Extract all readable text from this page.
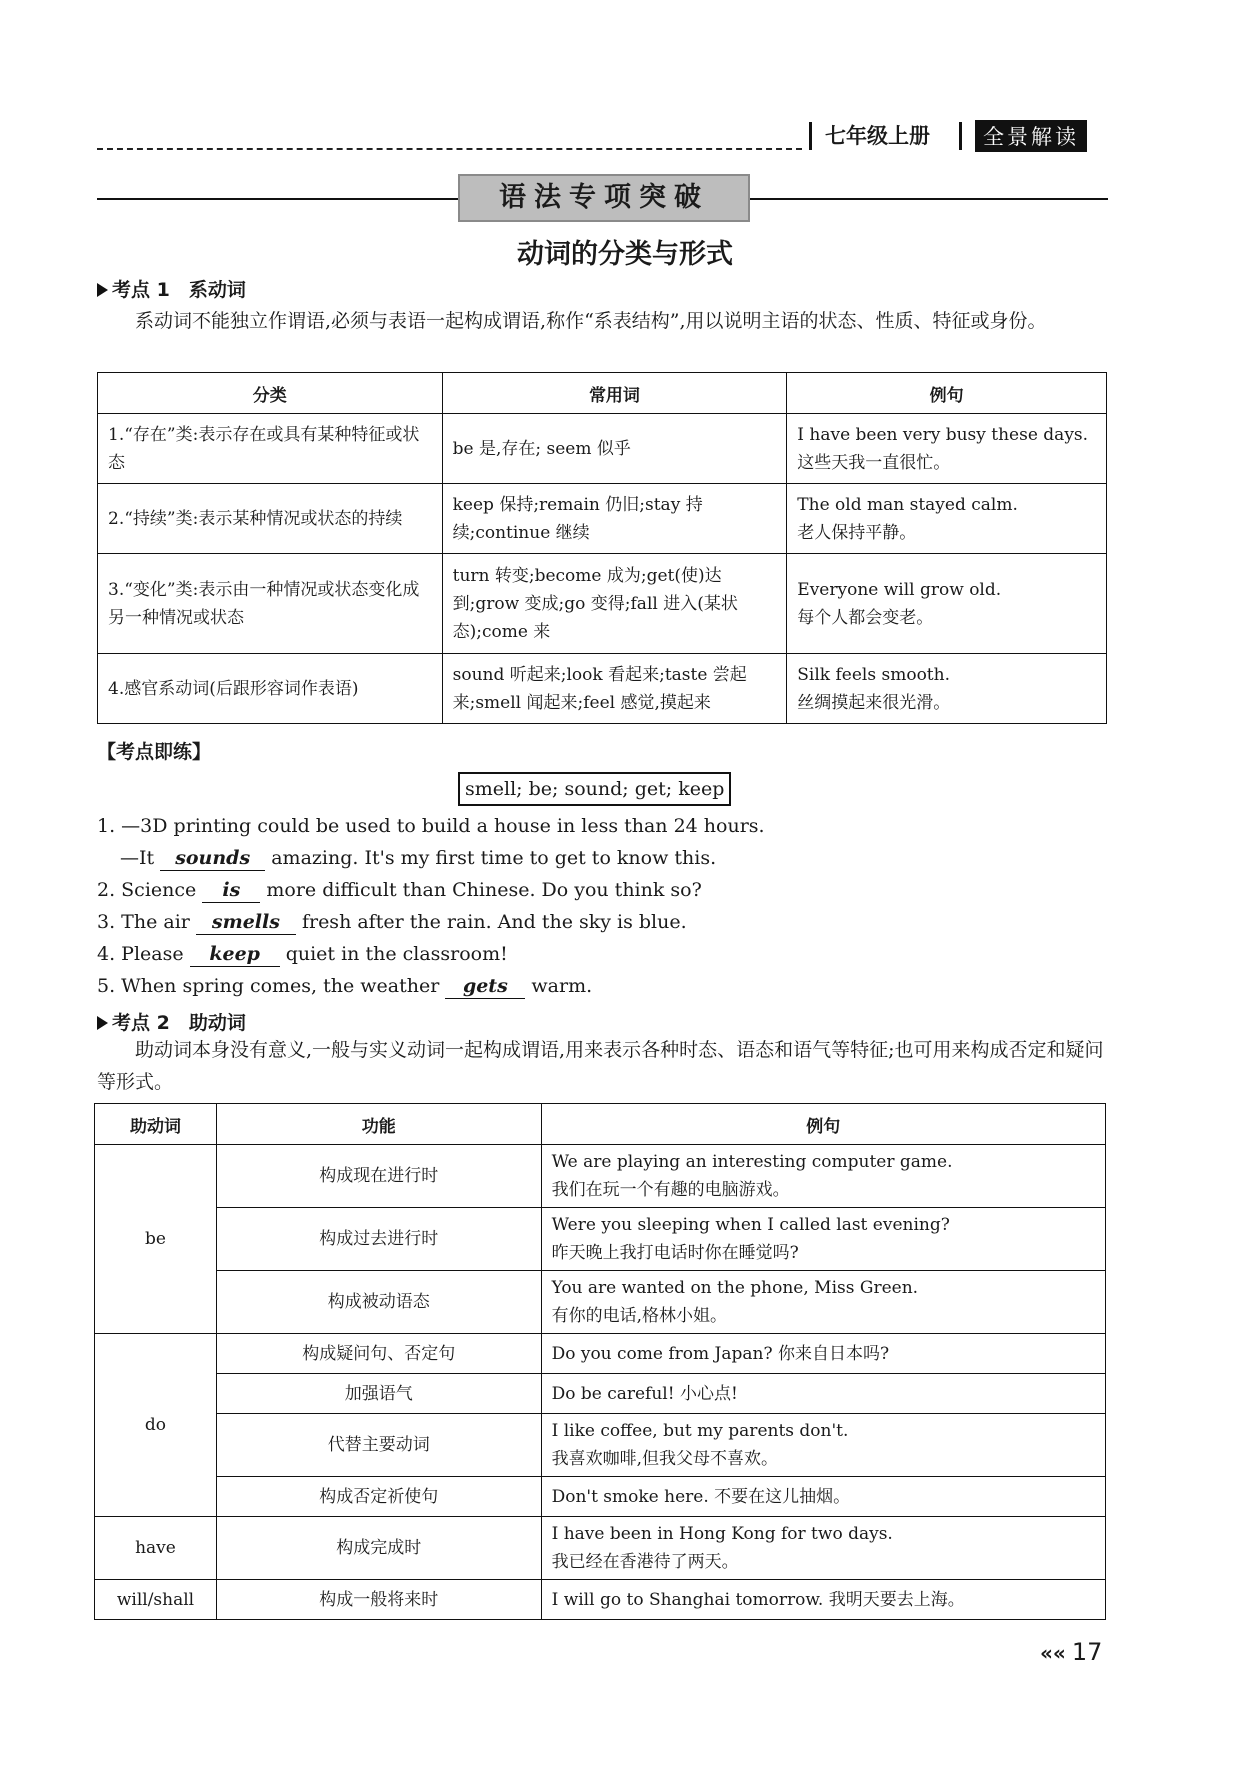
七年级上册	全景解读
语法专项突破
动词的分类与形式
考点 1　系动词
系动词不能独立作谓语,必须与表语一起构成谓语,称作“系表结构”,用以说明主语的状态、性质、特征或身份。
分类	常用词	例句
1.“存在”类:表示存在或具有某种特征或状态	be 是,存在; seem 似乎	I have been very busy these days.
这些天我一直很忙。

2.“持续”类:表示某种情况或状态的持续	keep 保持;remain 仍旧;stay 持续;continue 继续	The old man stayed calm.
老人保持平静。

3.“变化”类:表示由一种情况或状态变化成另一种情况或状态	turn 转变;become 成为;get(使)达到;grow 变成;go 变得;fall 进入(某状态);come 来	Everyone will grow old.
每个人都会变老。

4.感官系动词(后跟形容词作表语)	sound 听起来;look 看起来;taste 尝起来;smell 闻起来;feel 感觉,摸起来	Silk feels smooth.
丝绸摸起来很光滑。
【考点即练】
smell; be; sound; get; keep
1. —3D printing could be used to build a house in less than 24 hours.
—It sounds amazing. It's my first time to get to know this.
2. Science is more difficult than Chinese. Do you think so?
3. The air smells fresh after the rain. And the sky is blue.
4. Please keep quiet in the classroom!
5. When spring comes, the weather gets warm.
考点 2　助动词
助动词本身没有意义,一般与实义动词一起构成谓语,用来表示各种时态、语态和语气等特征;也可用来构成否定和疑问等形式。
助动词	功能	例句
be	构成现在进行时	We are playing an interesting computer game.
我们在玩一个有趣的电脑游戏。

	构成过去进行时	Were you sleeping when I called last evening?
昨天晚上我打电话时你在睡觉吗?

	构成被动语态	You are wanted on the phone, Miss Green.
有你的电话,格林小姐。

do	构成疑问句、否定句	Do you come from Japan? 你来自日本吗?
	加强语气	Do be careful! 小心点!
	代替主要动词	I like coffee, but my parents don't.
我喜欢咖啡,但我父母不喜欢。

	构成否定祈使句	Don't smoke here. 不要在这儿抽烟。
have	构成完成时	I have been in Hong Kong for two days.
我已经在香港待了两天。

will/shall	构成一般将来时	I will go to Shanghai tomorrow. 我明天要去上海。
«« 17
